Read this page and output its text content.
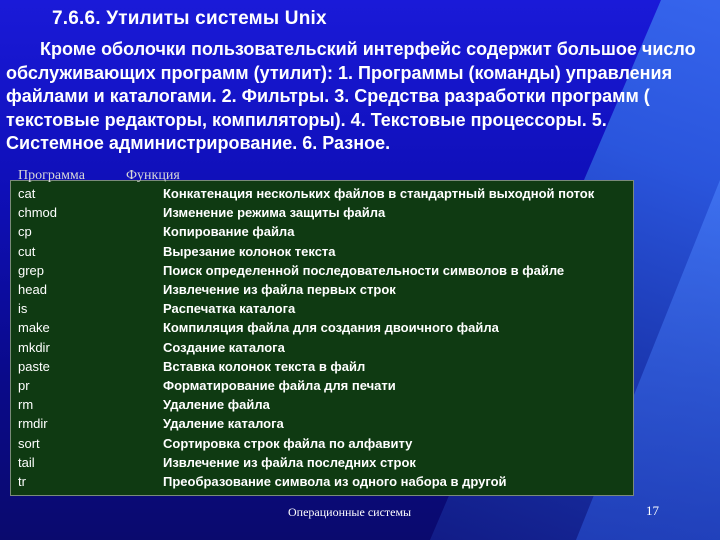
7.6.6. Утилиты системы Unix
Кроме оболочки пользовательский интерфейс содержит большое число обслуживающих программ (утилит): 1. Программы (команды) управления файлами и каталогами. 2. Фильтры. 3. Средства разработки программ ( текстовые редакторы, компиляторы). 4. Текстовые процессоры. 5. Системное администрирование. 6. Разное.
Программа	Функция
cat	Конкатенация нескольких файлов в стандартный выходной поток
chmod	Изменение режима защиты файла
cp	Копирование файла
cut	Вырезание колонок текста
grep	Поиск определенной последовательности символов в файле
head	Извлечение из файла первых строк
is	Распечатка каталога
make	Компиляция файла для создания двоичного файла
mkdir	Создание каталога
paste	Вставка колонок текста в файл
pr	Форматирование файла для печати
rm	Удаление файла
rmdir	Удаление каталога
sort	Сортировка строк файла по алфавиту
tail	Извлечение из файла последних строк
tr	Преобразование символа из одного набора в другой
Операционные системы	17
